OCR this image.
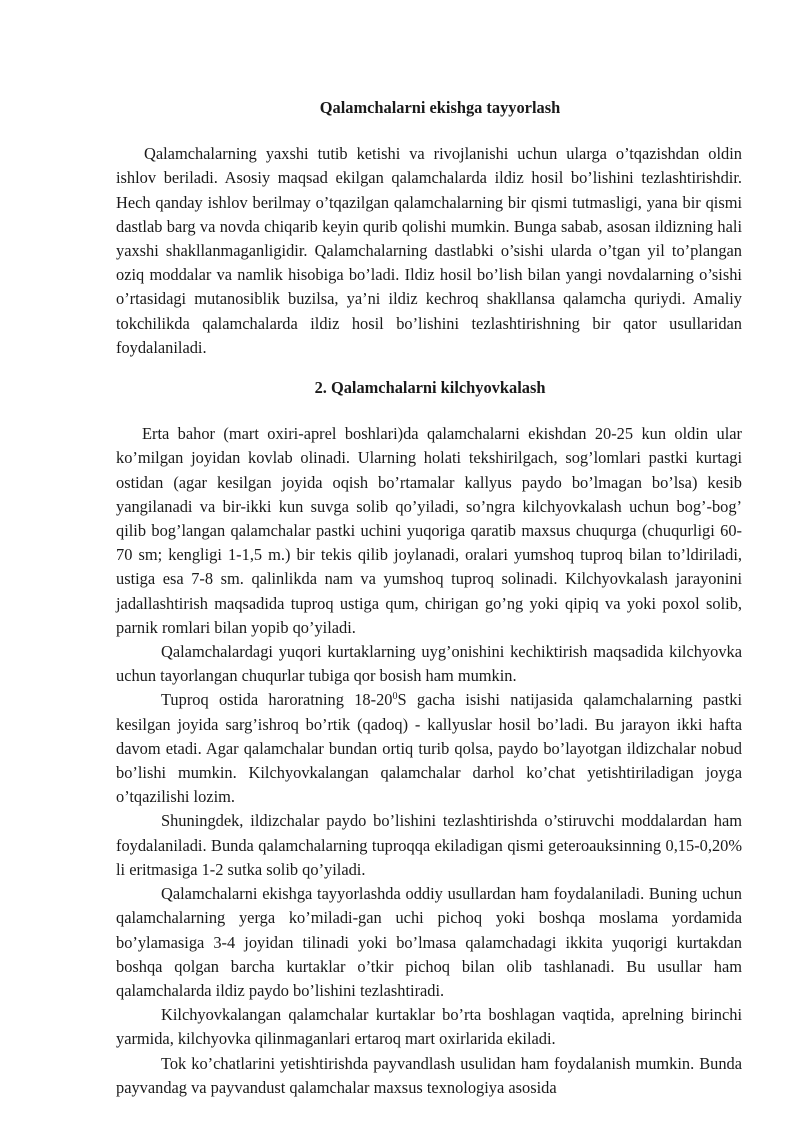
Qalamchalarni ekishga tayyorlash

Qalamchalarning yaxshi tutib ketishi va rivojlanishi uchun ularga o’tqazishdan oldin ishlov beriladi. Asosiy maqsad ekilgan qalamchalarda ildiz hosil bo’lishini tezlashtirishdir. Hech qanday ishlov berilmay o’tqazilgan qalamchalarning bir qismi tutmasligi, yana bir qismi dastlab barg va novda chiqarib keyin qurib qolishi mumkin. Bunga sabab, asosan ildizning hali yaxshi shakllanmaganligidir. Qalamchalarning dastlabki o’sishi ularda o’tgan yil to’plangan oziq moddalar va namlik hisobiga bo’ladi. Ildiz hosil bo’lish bilan yangi novdalarning o’sishi o’rtasidagi mutanosiblik buzilsa, ya’ni ildiz kechroq shakllansa qalamcha quriydi. Amaliy tokchilikda qalamchalarda ildiz hosil bo’lishini tezlashtirishning bir qator usullaridan foydalaniladi.

2. Qalamchalarni kilchyovkalash

Erta bahor (mart oxiri-aprel boshlari)da qalamchalarni ekishdan 20-25 kun oldin ular ko’milgan joyidan kovlab olinadi. Ularning holati tekshirilgach, sog’lomlari pastki kurtagi ostidan (agar kesilgan joyida oqish bo’rtamalar kallyus paydo bo’lmagan bo’lsa) kesib yangilanadi va bir-ikki kun suvga solib qo’yiladi, so’ngra kilchyovkalash uchun bog’-bog’ qilib bog’langan qalamchalar pastki uchini yuqoriga qaratib maxsus chuqurga (chuqurligi 60-70 sm; kengligi 1-1,5 m.) bir tekis qilib joylanadi, oralari yumshoq tuproq bilan to’ldiriladi, ustiga esa 7-8 sm. qalinlikda nam va yumshoq tuproq solinadi. Kilchyovkalash jarayonini jadallashtirish maqsadida tuproq ustiga qum, chirigan go’ng yoki qipiq va yoki poxol solib, parnik romlari bilan yopib qo’yiladi.

Qalamchalardagi yuqori kurtaklarning uyg’onishini kechiktirish maqsadida kilchyovka uchun tayorlangan chuqurlar tubiga qor bosish ham mumkin.

Tuproq ostida haroratning $18-20^0S$ gacha isishi natijasida qalamchalarning pastki kesilgan joyida sarg’ishroq bo’rtik (qadoq) - kallyuslar hosil bo’ladi. Bu jarayon ikki hafta davom etadi. Agar qalamchalar bundan ortiq turib qolsa, paydo bo’layotgan ildizchalar nobud bo’lishi mumkin. Kilchyovkalangan qalamchalar darhol ko’chat yetishtiriladigan joyga o’tqazilishi lozim.

Shuningdek, ildizchalar paydo bo’lishini tezlashtirishda o’stiruvchi moddalardan ham foydalaniladi. Bunda qalamchalarning tuproqqa ekiladigan qismi geteroauksinning 0,15-0,20% li eritmasiga 1-2 sutka solib qo’yiladi.

Qalamchalarni ekishga tayyorlashda oddiy usullardan ham foydalaniladi. Buning uchun qalamchalarning yerga ko’miladi-gan uchi pichoq yoki boshqa moslama yordamida bo’ylamasiga 3-4 joyidan tilinadi yoki bo’lmasa qalamchadagi ikkita yuqorigi kurtakdan boshqa qolgan barcha kurtaklar o’tkir pichoq bilan olib tashlanadi. Bu usullar ham qalamchalarda ildiz paydo bo’lishini tezlashtiradi.

Kilchyovkalangan qalamchalar kurtaklar bo’rta boshlagan vaqtida, aprelning birinchi yarmida, kilchyovka qilinmaganlari ertaroq mart oxirlarida ekiladi.

Tok ko’chatlarini yetishtirishda payvandlash usulidan ham foydalanish mumkin. Bunda payvandag va payvandust qalamchalar maxsus texnologiya asosida
